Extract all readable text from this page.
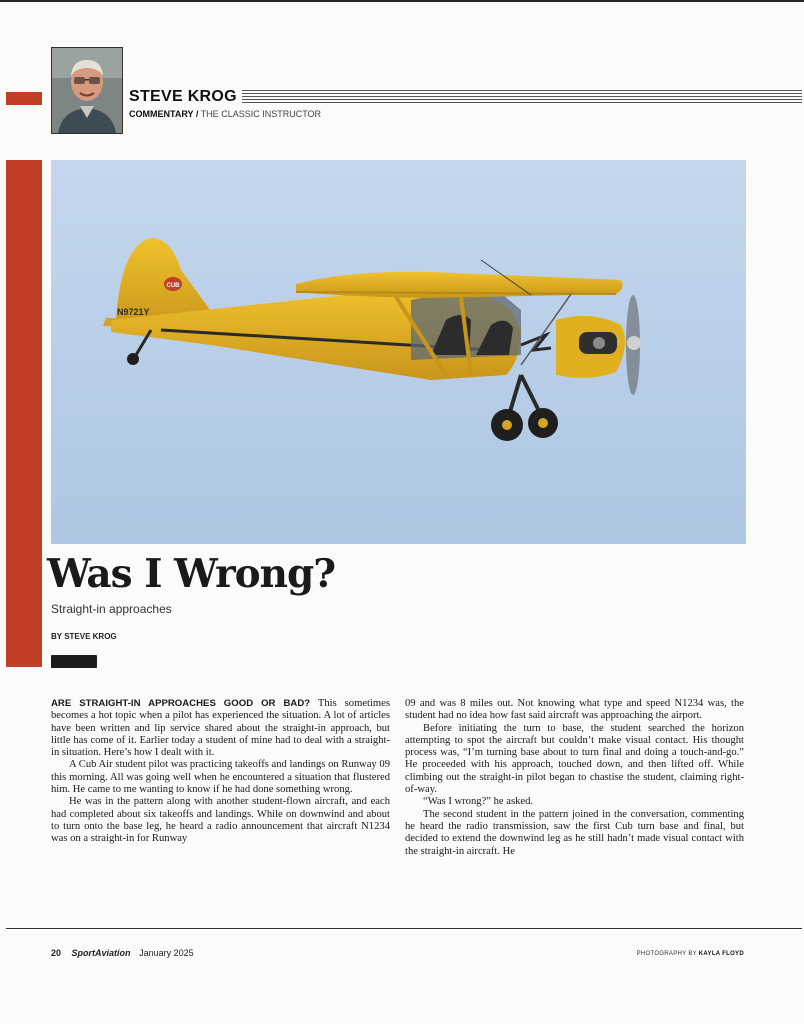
STEVE KROG
COMMENTARY / THE CLASSIC INSTRUCTOR
CUB
N9721Y
Was I Wrong?
Straight-in approaches
BY STEVE KROG

ARE STRAIGHT-IN APPROACHES GOOD OR BAD? This sometimes becomes a hot topic when a pilot has experienced the situation. A lot of articles have been written and lip service shared about the straight-in approach, but little has come of it. Earlier today a student of mine had to deal with a straight-in situation. Here’s how I dealt with it.

A Cub Air student pilot was practicing takeoffs and landings on Runway 09 this morning. All was going well when he encountered a situation that flustered him. He came to me wanting to know if he had done something wrong.

He was in the pattern along with another student-flown aircraft, and each had completed about six takeoffs and landings. While on downwind and about to turn onto the base leg, he heard a radio announcement that aircraft N1234 was on a straight-in for Runway

09 and was 8 miles out. Not knowing what type and speed N1234 was, the student had no idea how fast said aircraft was approaching the airport.

Before initiating the turn to base, the student searched the horizon attempting to spot the aircraft but couldn’t make visual contact. His thought process was, “I’m turning base about to turn final and doing a touch-and-go.” He proceeded with his approach, touched down, and then lifted off. While climbing out the straight-in pilot began to chastise the student, claiming right-of-way.

“Was I wrong?” he asked.

The second student in the pattern joined in the conversation, commenting he heard the radio transmission, saw the first Cub turn base and final, but decided to extend the downwind leg as he still hadn’t made visual contact with the straight-in aircraft. He

20 SportAviation January 2025	PHOTOGRAPHY BY KAYLA FLOYD
